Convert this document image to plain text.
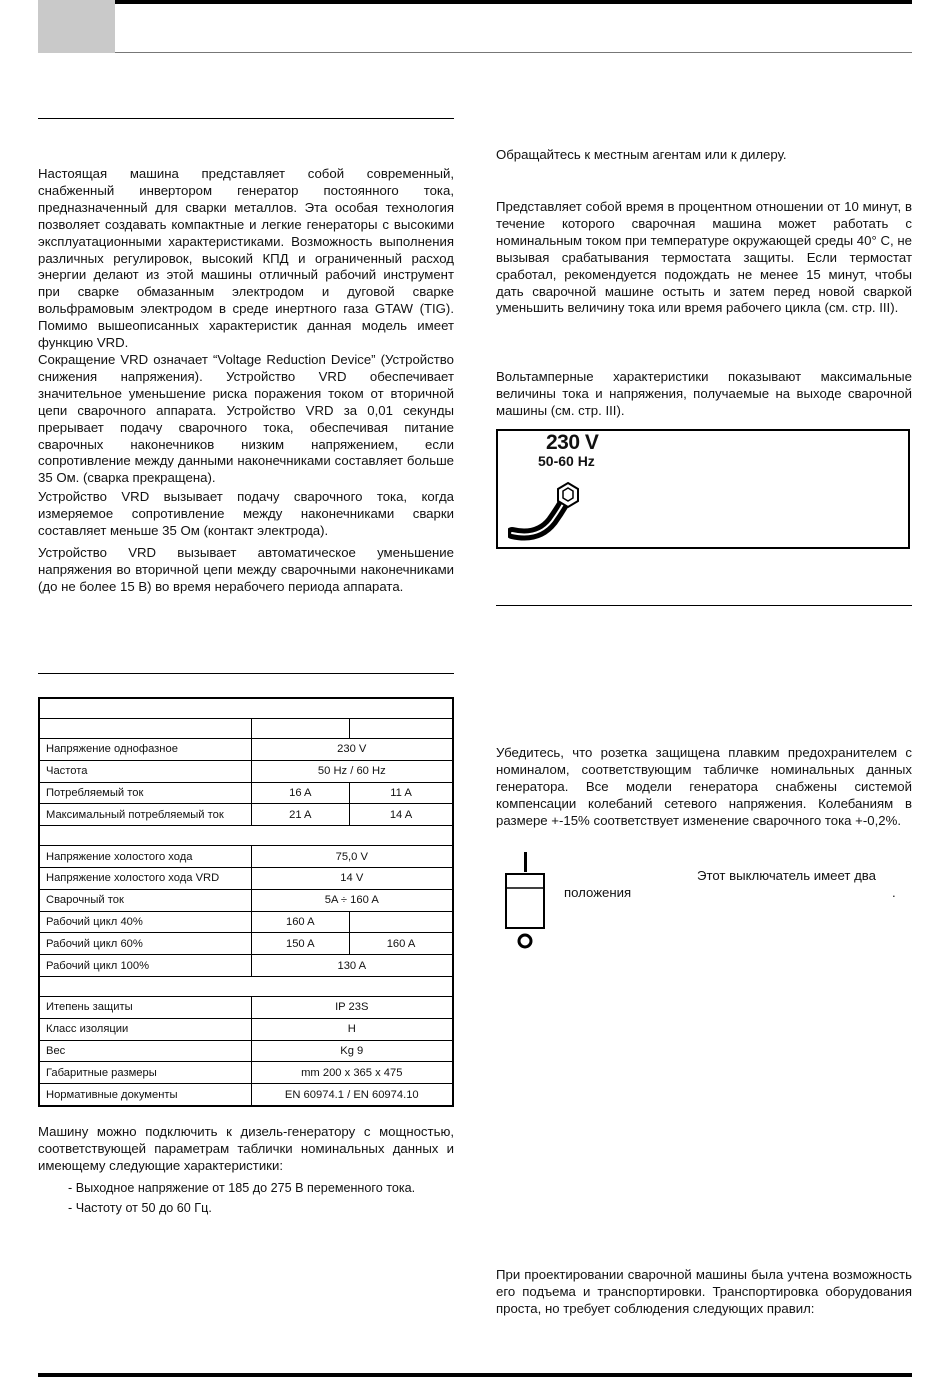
Настоящая машина представляет собой современный, снабженный инвертором генератор постоянного тока, предназначенный для сварки металлов. Эта особая технология позволяет создавать компактные и легкие генераторы с высокими эксплуатационными характеристиками. Возможность выполнения различных регулировок, высокий КПД и ограниченный расход энергии делают из этой машины отличный рабочий инструмент при сварке обмазанным электродом и дуговой сварке вольфрамовым электродом в среде инертного газа GTAW (TIG). Помимо вышеописанных характеристик данная модель имеет функцию VRD.

Сокращение VRD означает “Voltage Reduction Device” (Устройство снижения напряжения). Устройство VRD обеспечивает значительное уменьшение риска поражения током от вторичной цепи сварочного аппарата. Устройство VRD за 0,01 секунды прерывает подачу сварочного тока, обеспечивая питание сварочных наконечников низким напряжением, если сопротивление между данными наконечниками составляет больше 35 Ом. (сварка прекращена).

Устройство VRD вызывает подачу сварочного тока, когда измеряемое сопротивление между наконечниками сварки составляет меньше 35 Ом (контакт электрода).

Устройство VRD вызывает автоматическое уменьшение напряжения во вторичной цепи между сварочными наконечниками (до не более 15 В) во время нерабочего периода аппарата.

Напряжение однофазное	230 V	
Частота	50 Hz / 60 Hz	
Потребляемый ток	16 A	11 A
Максимальный потребляемый ток	21 A	14 A

Напряжение холостого хода	75,0 V	
Напряжение холостого хода VRD	14 V	
Сварочный ток	5A ÷ 160 A	
Рабочий цикл 40%	160 A	
Рабочий цикл 60%	150 A	160 A
Рабочий цикл 100%	130 A	

Итепень защиты	IP 23S	
Класс изоляции	H	
Вес	Kg 9	
Габаритные размеры	mm 200 x 365 x 475	
Нормативные документы	EN 60974.1 / EN 60974.10	

Машину можно подключить к дизель-генератору с мощностью, соответствующей параметрам таблички номинальных данных и имеющему следующие характеристики:

- Выходное напряжение от 185 до 275 В переменного тока.
- Частоту от 50 до 60 Гц.

Обращайтесь к местным агентам или к дилеру.

Представляет собой время в процентном отношении от 10 минут, в течение которого сварочная машина может работать с номинальным током при температуре окружающей среды 40° С, не вызывая срабатывания термостата защиты. Если термостат сработал, рекомендуется подождать не менее 15 минут, чтобы дать сварочной машине остыть и затем перед новой сваркой уменьшить величину тока или время рабочего цикла (см. стр. III).

Вольтамперные характеристики показывают максимальные величины тока и напряжения, получаемые на выходе сварочной машины (см. стр. III).

230 V
50-60 Hz

Убедитесь, что розетка защищена плавким предохранителем с номиналом, соответствующим табличке номинальных данных генератора. Все модели генератора снабжены системой компенсации колебаний сетевого напряжения. Колебаниям в размере +-15% соответствует изменение сварочного тока +-0,2%.

Этот выключатель имеет два
положения	.

При проектировании сварочной машины была учтена возможность его подъема и транспортировки. Транспортировка оборудования проста, но требует соблюдения следующих правил:
